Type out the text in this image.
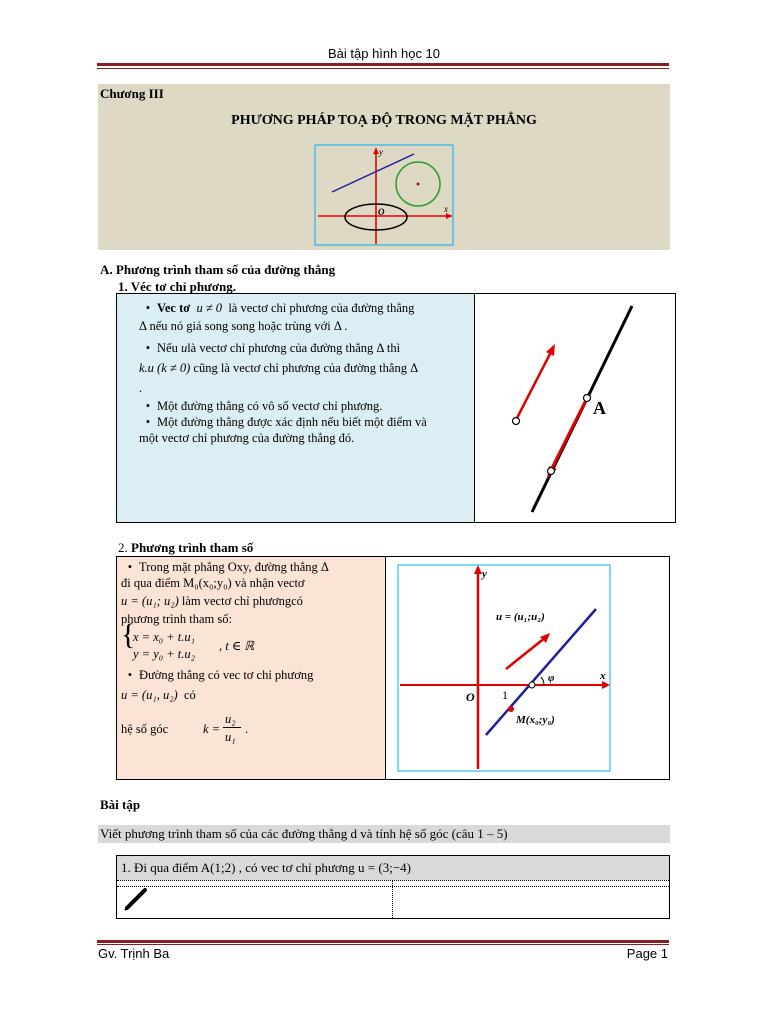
Bài tập hình học 10
Chương III
PHƯƠNG PHÁP TOẠ ĐỘ TRONG MẶT PHẲNG
O	x
y
A. Phương trình tham số của đường thẳng
1. Véc tơ chỉ phương.
• Vec tơ u ≠ 0 là vectơ chỉ phương của đường thẳng
Δ nếu nó giá song song hoặc trùng với Δ .
• Nếu ulà vectơ chỉ phương của đường thẳng Δ thì
k.u (k ≠ 0) cũng là vectơ chỉ phương của đường thẳng Δ
.
• Một đường thẳng có vô số vectơ chỉ phương.
• Một đường thẳng được xác định nếu biết một điểm và
một vectơ chỉ phương của đường thẳng đó.
A
2. Phương trình tham số
• Trong mặt phẳng Oxy, đường thẳng Δ
đi qua điểm M₀(x₀;y₀) và nhận vectơ
u = (u₁; u₂) làm vectơ chỉ phươngcó
phương trình tham số:
{
x = x₀ + t.u₁
y = y₀ + t.u₂
, t ∈ ℝ
• Đường thẳng có vec tơ chỉ phương
u = (u₁, u₂) có
hệ số góc	k =
u₂
u₁
.
y
x
O 1
φ
u = (u₁;u₂)
M(x₀;y₀)
Bài tập
Viết phương trình tham số của các đường thẳng d và tính hệ số góc (câu 1 – 5)
1. Đi qua điểm A(1;2) , có vec tơ chỉ phương u = (3;−4)
Gv. Trịnh Ba	Page 1
